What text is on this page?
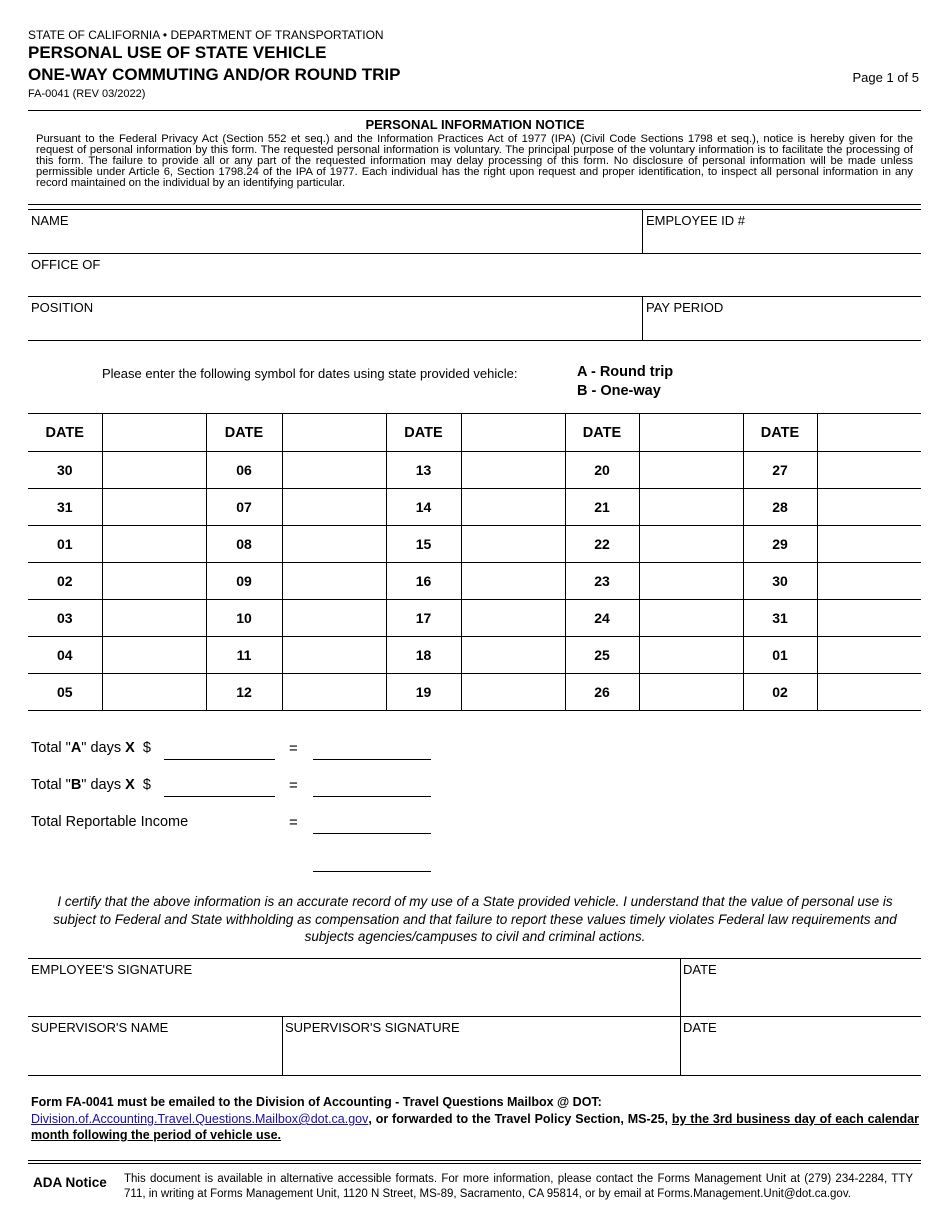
STATE OF CALIFORNIA • DEPARTMENT OF TRANSPORTATION
PERSONAL USE OF STATE VEHICLE
ONE-WAY COMMUTING AND/OR ROUND TRIP
FA-0041 (REV 03/2022)
Page 1 of 5
PERSONAL INFORMATION NOTICE
Pursuant to the Federal Privacy Act (Section 552 et seq.) and the Information Practices Act of 1977 (IPA) (Civil Code Sections 1798 et seq.), notice is hereby given for the request of personal information by this form. The requested personal information is voluntary. The principal purpose of the voluntary information is to facilitate the processing of this form. The failure to provide all or any part of the requested information may delay processing of this form. No disclosure of personal information will be made unless permissible under Article 6, Section 1798.24 of the IPA of 1977. Each individual has the right upon request and proper identification, to inspect all personal information in any record maintained on the individual by an identifying particular.
NAME	EMPLOYEE ID #
OFFICE OF
POSITION	PAY PERIOD
Please enter the following symbol for dates using state provided vehicle:	A - Round trip
B - One-way
DATE		DATE		DATE		DATE		DATE	
30		06		13		20		27	
31		07		14		21		28	
01		08		15		22		29	
02		09		16		23		30	
03		10		17		24		31	
04		11		18		25		01	
05		12		19		26		02	
Total "A" days X $	=
Total "B" days X $	=
Total Reportable Income	=
I certify that the above information is an accurate record of my use of a State provided vehicle. I understand that the value of personal use is subject to Federal and State withholding as compensation and that failure to report these values timely violates Federal law requirements and subjects agencies/campuses to civil and criminal actions.
EMPLOYEE'S SIGNATURE	DATE
SUPERVISOR'S NAME	SUPERVISOR'S SIGNATURE	DATE
Form FA-0041 must be emailed to the Division of Accounting - Travel Questions Mailbox @ DOT:
Division.of.Accounting.Travel.Questions.Mailbox@dot.ca.gov, or forwarded to the Travel Policy Section, MS-25, by the 3rd business day of each calendar month following the period of vehicle use.
ADA Notice This document is available in alternative accessible formats. For more information, please contact the Forms Management Unit at (279) 234-2284, TTY 711, in writing at Forms Management Unit, 1120 N Street, MS-89, Sacramento, CA 95814, or by email at Forms.Management.Unit@dot.ca.gov.
